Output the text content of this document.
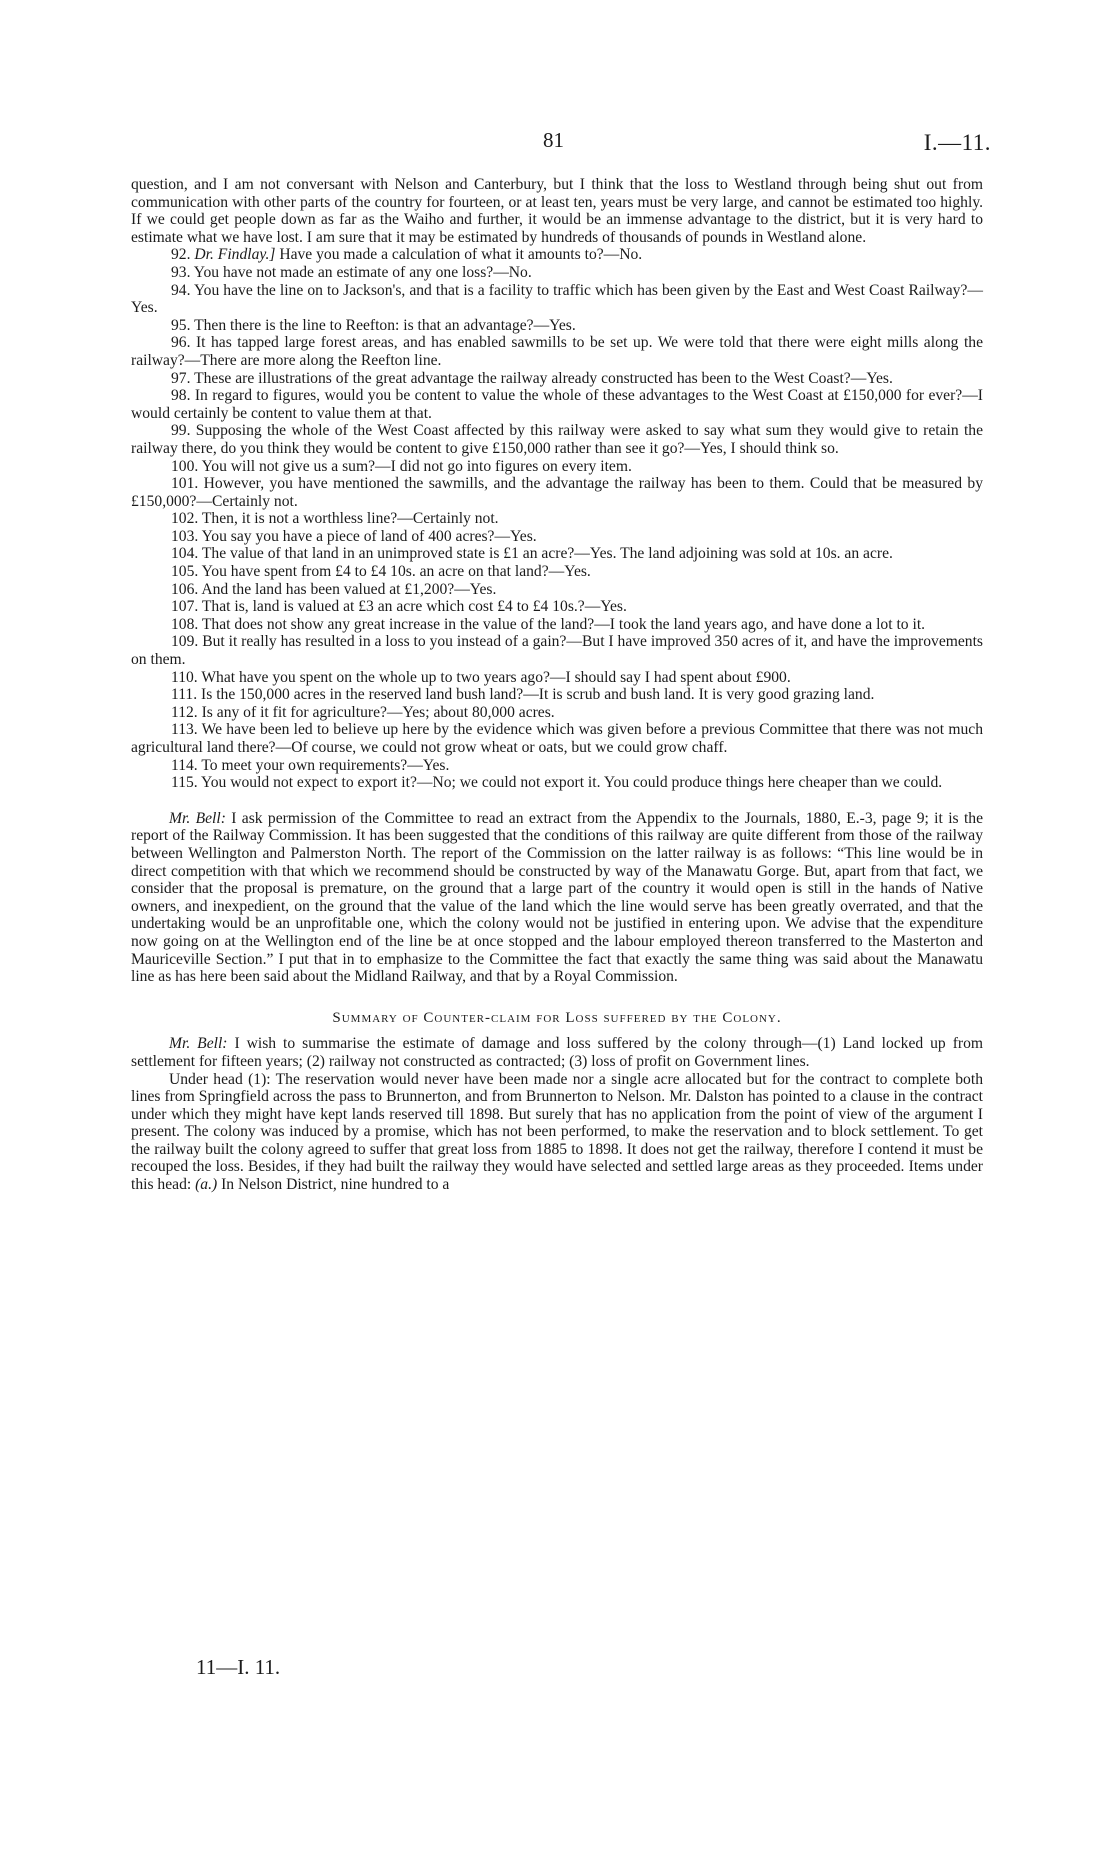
81	I.—11.

question, and I am not conversant with Nelson and Canterbury, but I think that the loss to Westland through being shut out from communication with other parts of the country for fourteen, or at least ten, years must be very large, and cannot be estimated too highly. If we could get people down as far as the Waiho and further, it would be an immense advantage to the district, but it is very hard to estimate what we have lost. I am sure that it may be estimated by hundreds of thousands of pounds in Westland alone.

92. Dr. Findlay.] Have you made a calculation of what it amounts to?—No.

93. You have not made an estimate of any one loss?—No.

94. You have the line on to Jackson's, and that is a facility to traffic which has been given by the East and West Coast Railway?—Yes.

95. Then there is the line to Reefton: is that an advantage?—Yes.

96. It has tapped large forest areas, and has enabled sawmills to be set up. We were told that there were eight mills along the railway?—There are more along the Reefton line.

97. These are illustrations of the great advantage the railway already constructed has been to the West Coast?—Yes.

98. In regard to figures, would you be content to value the whole of these advantages to the West Coast at £150,000 for ever?—I would certainly be content to value them at that.

99. Supposing the whole of the West Coast affected by this railway were asked to say what sum they would give to retain the railway there, do you think they would be content to give £150,000 rather than see it go?—Yes, I should think so.

100. You will not give us a sum?—I did not go into figures on every item.

101. However, you have mentioned the sawmills, and the advantage the railway has been to them. Could that be measured by £150,000?—Certainly not.

102. Then, it is not a worthless line?—Certainly not.

103. You say you have a piece of land of 400 acres?—Yes.

104. The value of that land in an unimproved state is £1 an acre?—Yes. The land adjoining was sold at 10s. an acre.

105. You have spent from £4 to £4 10s. an acre on that land?—Yes.

106. And the land has been valued at £1,200?—Yes.

107. That is, land is valued at £3 an acre which cost £4 to £4 10s.?—Yes.

108. That does not show any great increase in the value of the land?—I took the land years ago, and have done a lot to it.

109. But it really has resulted in a loss to you instead of a gain?—But I have improved 350 acres of it, and have the improvements on them.

110. What have you spent on the whole up to two years ago?—I should say I had spent about £900.

111. Is the 150,000 acres in the reserved land bush land?—It is scrub and bush land. It is very good grazing land.

112. Is any of it fit for agriculture?—Yes; about 80,000 acres.

113. We have been led to believe up here by the evidence which was given before a previous Committee that there was not much agricultural land there?—Of course, we could not grow wheat or oats, but we could grow chaff.

114. To meet your own requirements?—Yes.

115. You would not expect to export it?—No; we could not export it. You could produce things here cheaper than we could.

Mr. Bell: I ask permission of the Committee to read an extract from the Appendix to the Journals, 1880, E.-3, page 9; it is the report of the Railway Commission. It has been suggested that the conditions of this railway are quite different from those of the railway between Wellington and Palmerston North. The report of the Commission on the latter railway is as follows: “This line would be in direct competition with that which we recommend should be constructed by way of the Manawatu Gorge. But, apart from that fact, we consider that the proposal is premature, on the ground that a large part of the country it would open is still in the hands of Native owners, and inexpedient, on the ground that the value of the land which the line would serve has been greatly overrated, and that the undertaking would be an unprofitable one, which the colony would not be justified in entering upon. We advise that the expenditure now going on at the Wellington end of the line be at once stopped and the labour employed thereon transferred to the Masterton and Mauriceville Section.” I put that in to emphasize to the Committee the fact that exactly the same thing was said about the Manawatu line as has here been said about the Midland Railway, and that by a Royal Commission.

Summary of Counter-claim for Loss suffered by the Colony.

Mr. Bell: I wish to summarise the estimate of damage and loss suffered by the colony through—(1) Land locked up from settlement for fifteen years; (2) railway not constructed as contracted; (3) loss of profit on Government lines.

Under head (1): The reservation would never have been made nor a single acre allocated but for the contract to complete both lines from Springfield across the pass to Brunnerton, and from Brunnerton to Nelson. Mr. Dalston has pointed to a clause in the contract under which they might have kept lands reserved till 1898. But surely that has no application from the point of view of the argument I present. The colony was induced by a promise, which has not been performed, to make the reservation and to block settlement. To get the railway built the colony agreed to suffer that great loss from 1885 to 1898. It does not get the railway, therefore I contend it must be recouped the loss. Besides, if they had built the railway they would have selected and settled large areas as they proceeded. Items under this head: (a.) In Nelson District, nine hundred to a

11—I. 11.
